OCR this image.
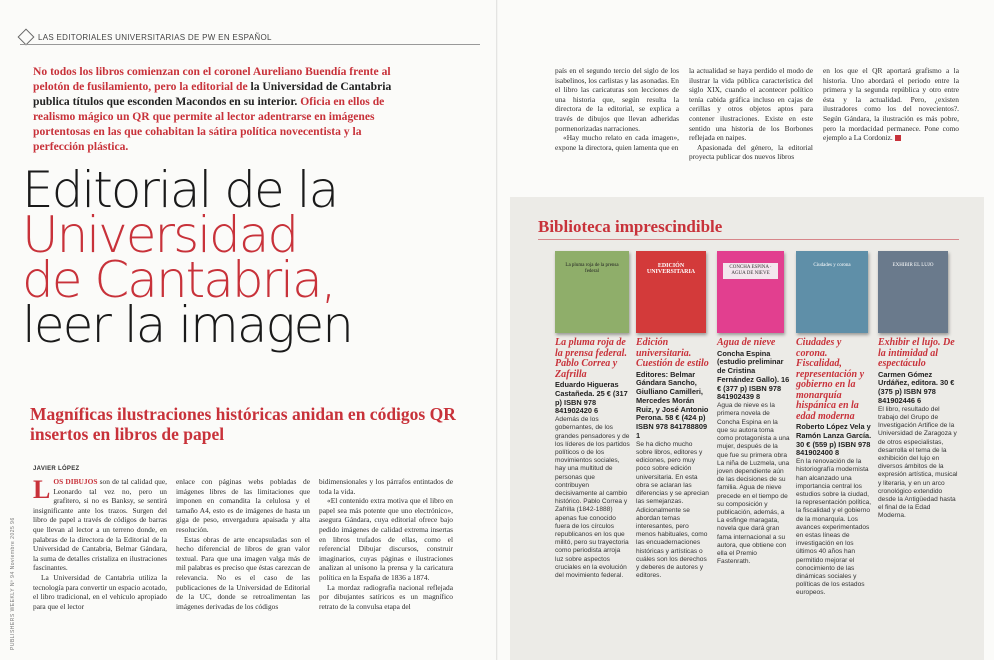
LAS EDITORIALES UNIVERSITARIAS DE PW EN ESPAÑOL
No todos los libros comienzan con el coronel Aureliano Buendía frente al pelotón de fusilamiento, pero la editorial de la Universidad de Cantabria publica títulos que esconden Macondos en su interior. Oficia en ellos de realismo mágico un QR que permite al lector adentrarse en imágenes portentosas en las que cohabitan la sátira política novecentista y la perfección plástica.
Editorial de la
Universidad
de Cantabria,
leer la imagen
Magníficas ilustraciones históricas anidan en códigos QR insertos en libros de papel
JAVIER LÓPEZ
PUBLISHERS WEEKLY Nº 94 Noviembre 2025 96

LOS DIBUJOS son de tal calidad que, Leonardo tal vez no, pero un grafitero, si no es Banksy, se sentirá insignificante ante los trazos. Surgen del libro de papel a través de códigos de barras que llevan al lector a un terreno donde, en palabras de la directora de la Editorial de la Universidad de Cantabria, Belmar Gándara, la suma de detalles cristaliza en ilustraciones fascinantes.

La Universidad de Cantabria utiliza la tecnología para convertir un espacio acotado, el libro tradicional, en el vehículo apropiado para que el lector

enlace con páginas webs pobladas de imágenes libres de las limitaciones que imponen en comandita la celulosa y el tamaño A4, esto es de imágenes de hasta un giga de peso, envergadura apaisada y alta resolución.

Estas obras de arte encapsuladas son el hecho diferencial de libros de gran valor textual. Para que una imagen valga más de mil palabras es preciso que éstas carezcan de relevancia. No es el caso de las publicaciones de la Universidad de Editorial de la UC, donde se retroalimentan las imágenes derivadas de los códigos

bidimensionales y los párrafos entintados de toda la vida.

«El contenido extra motiva que el libro en papel sea más potente que uno electrónico», asegura Gándara, cuya editorial ofrece bajo pedido imágenes de calidad extrema insertas en libros trufados de ellas, como el referencial Dibujar discursos, construir imaginarios, cuyas páginas e ilustraciones analizan al unísono la prensa y la caricatura política en la España de 1836 a 1874.

La mordaz radiografía nacional reflejada por dibujantes satíricos es un magnífico retrato de la convulsa etapa del

país en el segundo tercio del siglo de los isabelinos, los carlistas y las asonadas. En el libro las caricaturas son lecciones de una historia que, según resulta la directora de la editorial, se explica a través de dibujos que llevan adheridas pormenorizadas narraciones.

«Hay mucho relato en cada imagen», expone la directora, quien lamenta que en

la actualidad se haya perdido el modo de ilustrar la vida pública característica del siglo XIX, cuando el acontecer político tenía cabida gráfica incluso en cajas de cerillas y otros objetos aptos para contener ilustraciones. Existe en este sentido una historia de los Borbones reflejada en naipes.

Apasionada del género, la editorial proyecta publicar dos nuevos libros

en los que el QR aportará grafismo a la historia. Uno abordará el periodo entre la primera y la segunda república y otro entre ésta y la actualidad. Pero, ¿existen ilustradores como los del novecientos?. Según Gándara, la ilustración es más pobre, pero la mordacidad permanece. Pone como ejemplo a La Cordoniz.

Biblioteca imprescindible
La pluma roja de la prensa federal
EDICIÓN UNIVERSITARIA
CONCHA ESPINA · AGUA DE NIEVE
Ciudades y corona	EXHIBIR EL LUJO
La pluma roja de la prensa federal. Pablo Correa y Zafrilla
Eduardo Higueras Castañeda. 25 € (317 p) ISBN 978 841902420 6
Además de los gobernantes, de los grandes pensadores y de los líderes de los partidos políticos o de los movimientos sociales, hay una multitud de personas que contribuyen decisivamente al cambio histórico. Pablo Correa y Zafrilla (1842-1888) apenas fue conocido fuera de los círculos republicanos en los que militó, pero su trayectoria como periodista arroja luz sobre aspectos cruciales en la evolución del movimiento federal.
Edición universitaria. Cuestión de estilo
Editores: Belmar Gándara Sancho, Giulliano Camilleri, Mercedes Morán Ruiz, y José Antonio Perona. 58 € (424 p) ISBN 978 841788809 1
Se ha dicho mucho sobre libros, editores y ediciones, pero muy poco sobre edición universitaria. En esta obra se aclaran las diferencias y se aprecian las semejanzas. Adicionalmente se abordan temas interesantes, pero menos habituales, como las encuadernaciones históricas y artísticas o cuáles son los derechos y deberes de autores y editores.
Agua de nieve
Concha Espina (estudio preliminar de Cristina Fernández Gallo). 16 € (377 p) ISBN 978 841902439 8
Agua de nieve es la primera novela de Concha Espina en la que su autora toma como protagonista a una mujer, después de la que fue su primera obra La niña de Luzmela, una joven dependiente aún de las decisiones de su familia. Agua de nieve precede en el tiempo de su composición y publicación, además, a La esfinge maragata, novela que dará gran fama internacional a su autora, que obtiene con ella el Premio Fastenrath.
Ciudades y corona. Fiscalidad, representación y gobierno en la monarquía hispánica en la edad moderna
Roberto López Vela y Ramón Lanza García. 30 € (559 p) ISBN 978 841902400 8
En la renovación de la historiografía modernista han alcanzado una importancia central los estudios sobre la ciudad, la representación política, la fiscalidad y el gobierno de la monarquía. Los avances experimentados en estas líneas de investigación en los últimos 40 años han permitido mejorar el conocimiento de las dinámicas sociales y políticas de los estados europeos.
Exhibir el lujo. De la intimidad al espectáculo
Carmen Gómez Urdáñez, editora. 30 € (375 p) ISBN 978 841902446 6
El libro, resultado del trabajo del Grupo de Investigación Artifice de la Universidad de Zaragoza y de otros especialistas, desarrolla el tema de la exhibición del lujo en diversos ámbitos de la expresión artística, musical y literaria, y en un arco cronológico extendido desde la Antigüedad hasta el final de la Edad Moderna.
